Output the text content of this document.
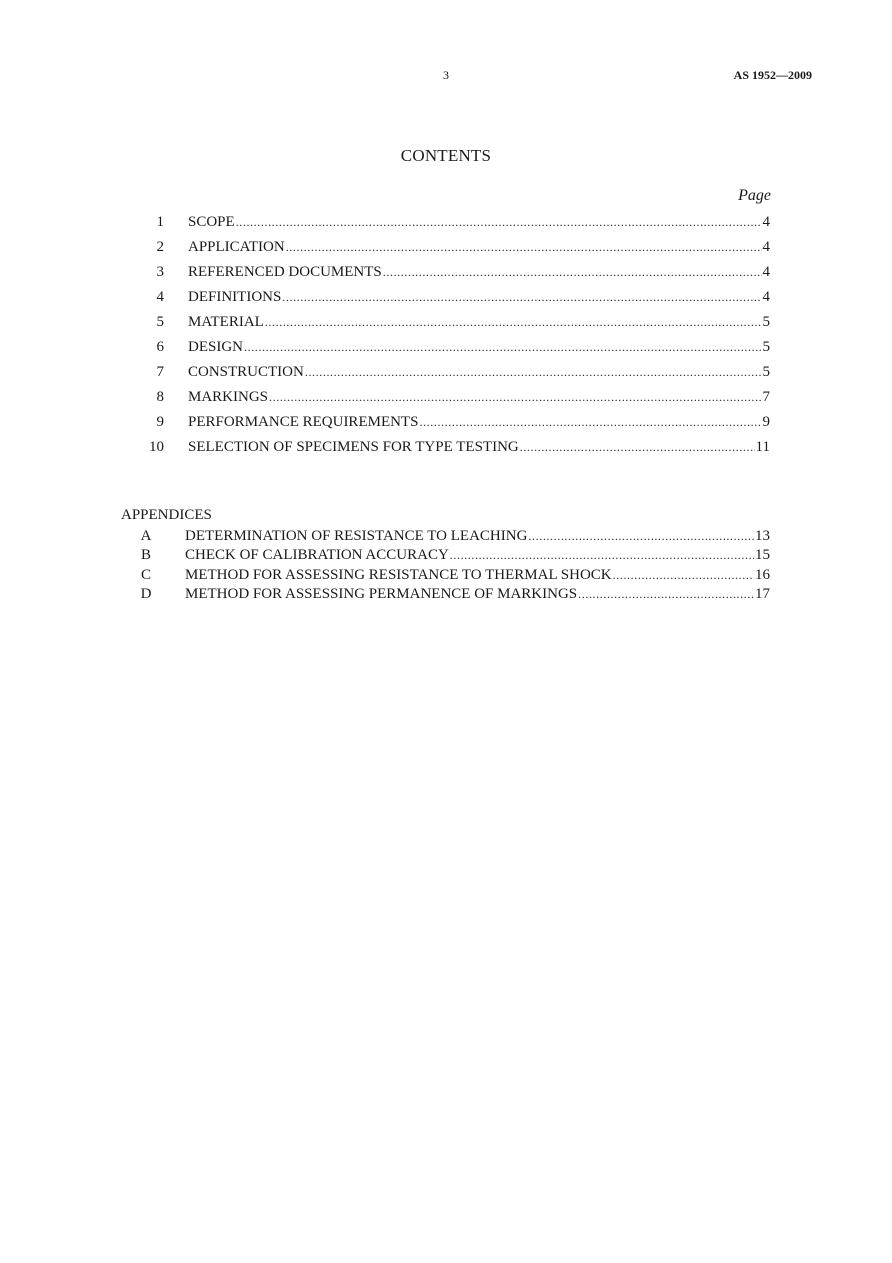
3	AS 1952—2009
CONTENTS
Page
1 SCOPE .....	4
2 APPLICATION .....	4
3 REFERENCED DOCUMENTS .....	4
4 DEFINITIONS .....	4
5 MATERIAL .....	5
6 DESIGN .....	5
7 CONSTRUCTION .....	5
8 MARKINGS .....	7
9 PERFORMANCE REQUIREMENTS .....	9
10 SELECTION OF SPECIMENS FOR TYPE TESTING .....	11
APPENDICES
A DETERMINATION OF RESISTANCE TO LEACHING .....	13
B CHECK OF CALIBRATION ACCURACY .....	15
C METHOD FOR ASSESSING RESISTANCE TO THERMAL SHOCK .....	16
D METHOD FOR ASSESSING PERMANENCE OF MARKINGS .....	17
